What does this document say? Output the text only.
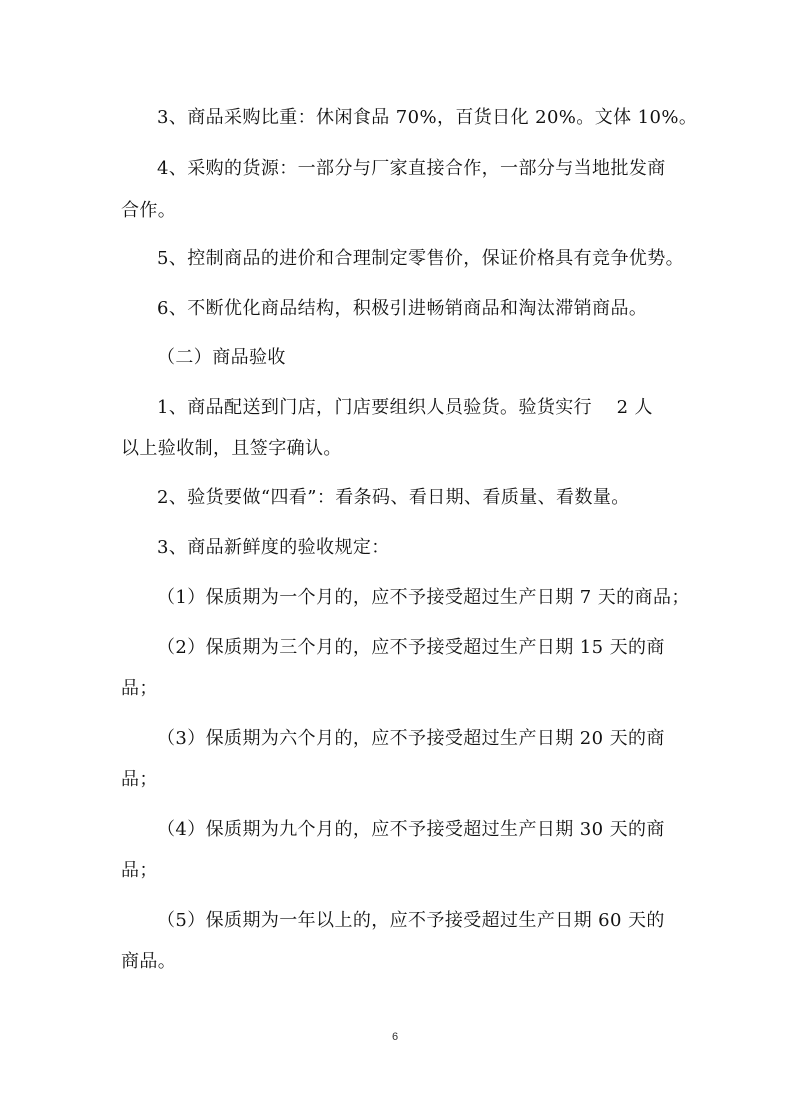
3、商品采购比重：休闲食品 70%，百货日化 20%。文体 10%。

4、采购的货源：一部分与厂家直接合作，一部分与当地批发商

合作。

5、控制商品的进价和合理制定零售价，保证价格具有竞争优势。

6、不断优化商品结构，积极引进畅销商品和淘汰滞销商品。

（二）商品验收

1、商品配送到门店，门店要组织人员验货。验货实行　 2 人

以上验收制，且签字确认。

2、验货要做“四看”：看条码、看日期、看质量、看数量。

3、商品新鲜度的验收规定：

（1）保质期为一个月的，应不予接受超过生产日期 7 天的商品；

（2）保质期为三个月的，应不予接受超过生产日期 15 天的商

品；

（3）保质期为六个月的，应不予接受超过生产日期 20 天的商

品；

（4）保质期为九个月的，应不予接受超过生产日期 30 天的商

品；

（5）保质期为一年以上的，应不予接受超过生产日期 60 天的

商品。

6
